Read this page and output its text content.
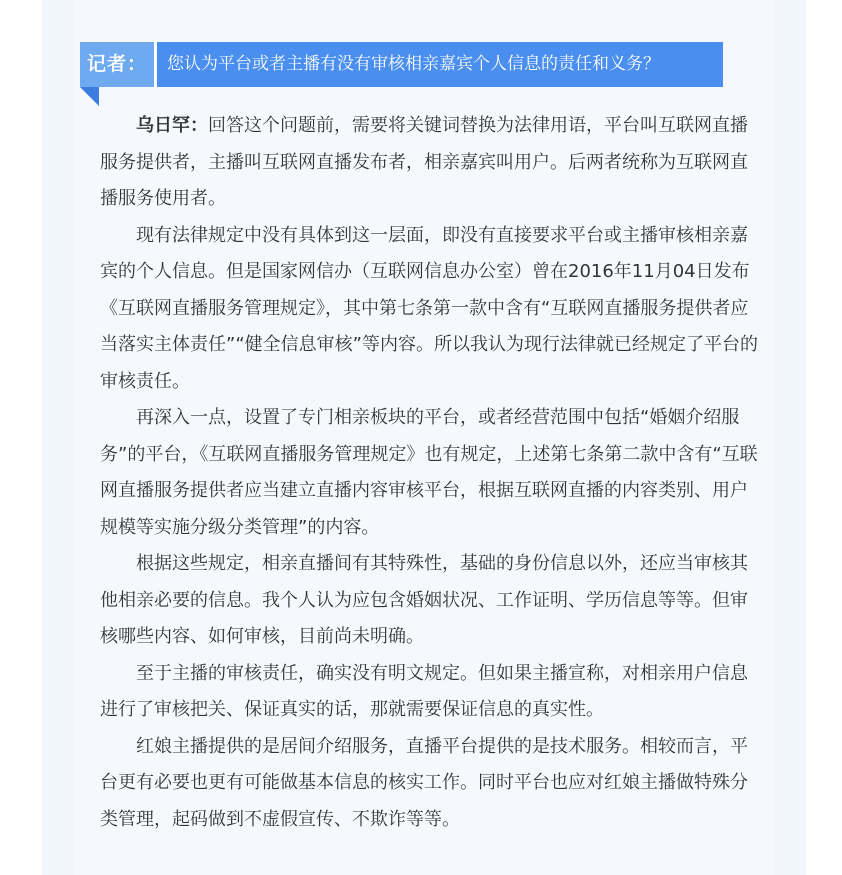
记者：	您认为平台或者主播有没有审核相亲嘉宾个人信息的责任和义务？

乌日罕：回答这个问题前，需要将关键词替换为法律用语，平台叫互联网直播服务提供者，主播叫互联网直播发布者，相亲嘉宾叫用户。后两者统称为互联网直播服务使用者。

现有法律规定中没有具体到这一层面，即没有直接要求平台或主播审核相亲嘉宾的个人信息。但是国家网信办（互联网信息办公室）曾在2016年11月04日发布《互联网直播服务管理规定》，其中第七条第一款中含有“互联网直播服务提供者应当落实主体责任”“健全信息审核”等内容。所以我认为现行法律就已经规定了平台的审核责任。

再深入一点，设置了专门相亲板块的平台，或者经营范围中包括“婚姻介绍服务”的平台，《互联网直播服务管理规定》也有规定，上述第七条第二款中含有“互联网直播服务提供者应当建立直播内容审核平台，根据互联网直播的内容类别、用户规模等实施分级分类管理”的内容。

根据这些规定，相亲直播间有其特殊性，基础的身份信息以外，还应当审核其他相亲必要的信息。我个人认为应包含婚姻状况、工作证明、学历信息等等。但审核哪些内容、如何审核，目前尚未明确。

至于主播的审核责任，确实没有明文规定。但如果主播宣称，对相亲用户信息进行了审核把关、保证真实的话，那就需要保证信息的真实性。

红娘主播提供的是居间介绍服务，直播平台提供的是技术服务。相较而言，平台更有必要也更有可能做基本信息的核实工作。同时平台也应对红娘主播做特殊分类管理，起码做到不虚假宣传、不欺诈等等。
